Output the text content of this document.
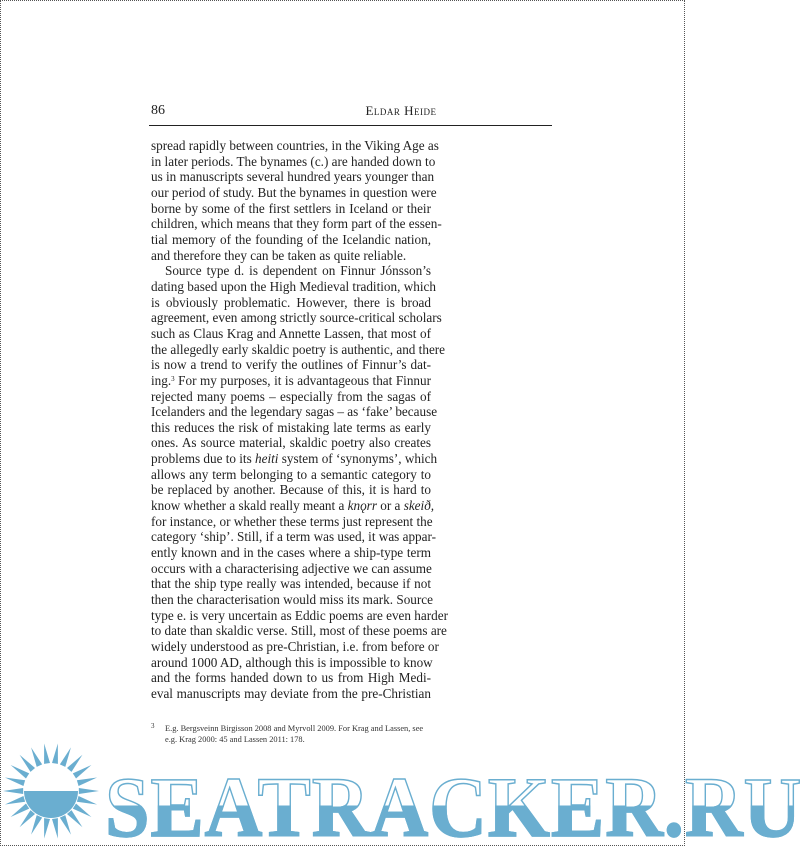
86	Eldar Heide
spread rapidly between countries, in the Viking Age as
in later periods. The bynames (c.) are handed down to
us in manuscripts several hundred years younger than
our period of study. But the bynames in question were
borne by some of the first settlers in Iceland or their
children, which means that they form part of the essen-
tial memory of the founding of the Icelandic nation,
and therefore they can be taken as quite reliable.
Source type d. is dependent on Finnur Jónsson’s
dating based upon the High Medieval tradition, which
is obviously problematic. However, there is broad
agreement, even among strictly source-critical scholars
such as Claus Krag and Annette Lassen, that most of
the allegedly early skaldic poetry is authentic, and there
is now a trend to verify the outlines of Finnur’s dat-
ing.$^3$ For my purposes, it is advantageous that Finnur
rejected many poems – especially from the sagas of
Icelanders and the legendary sagas – as ‘fake’ because
this reduces the risk of mistaking late terms as early
ones. As source material, skaldic poetry also creates
problems due to its heiti system of ‘synonyms’, which
allows any term belonging to a semantic category to
be replaced by another. Because of this, it is hard to
know whether a skald really meant a knǫrr or a skeið,
for instance, or whether these terms just represent the
category ‘ship’. Still, if a term was used, it was appar-
ently known and in the cases where a ship-type term
occurs with a characterising adjective we can assume
that the ship type really was intended, because if not
then the characterisation would miss its mark. Source
type e. is very uncertain as Eddic poems are even harder
to date than skaldic verse. Still, most of these poems are
widely understood as pre-Christian, i.e. from before or
around 1000 AD, although this is impossible to know
and the forms handed down to us from High Medi-
eval manuscripts may deviate from the pre-Christian
3	E.g. Bergsveinn Birgisson 2008 and Myrvoll 2009. For Krag and Lassen, see e.g. Krag 2000: 45 and Lassen 2011: 178.
SEATRACKER.RU
